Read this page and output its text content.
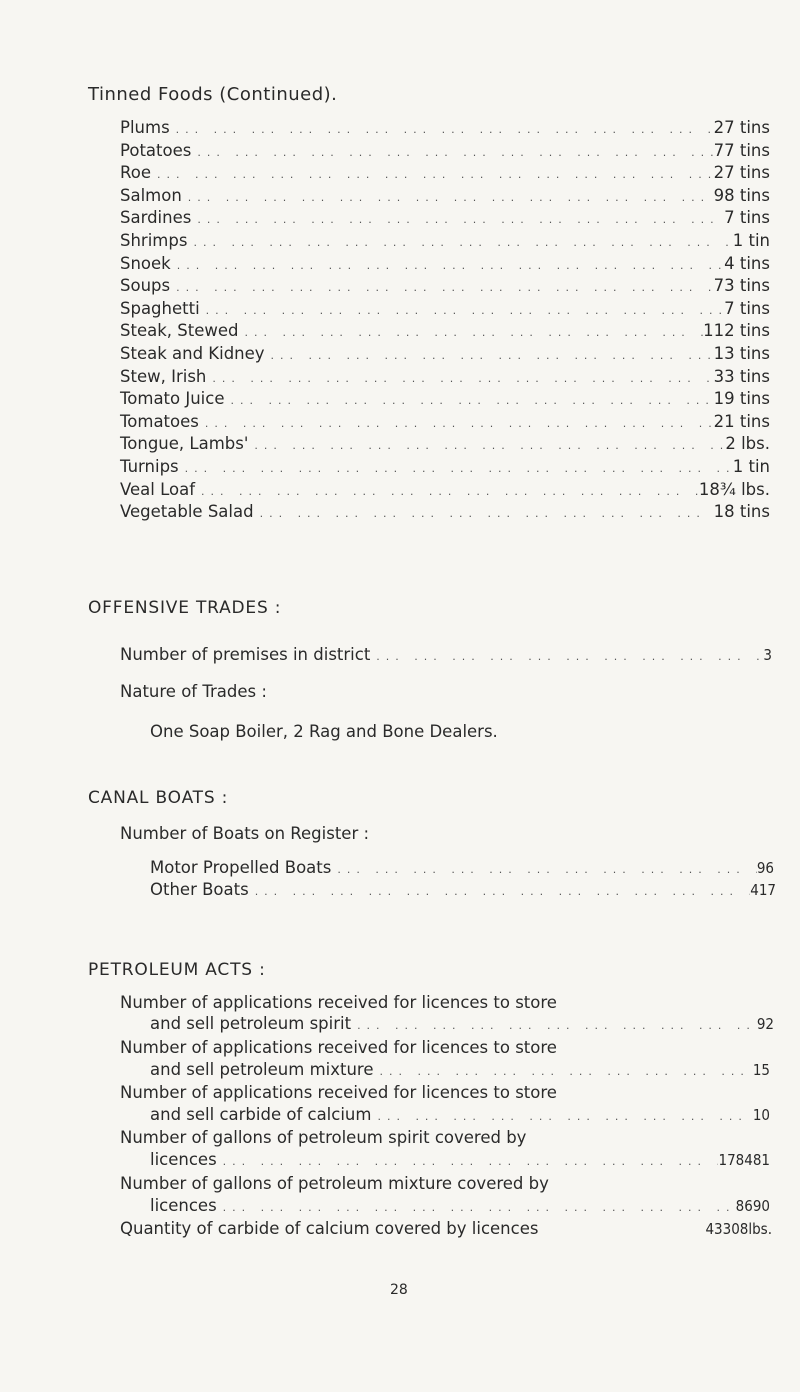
Tinned Foods (Continued).
Plums ... .	27 tins
Potatoes ... .	77 tins
Roe ... .	27 tins
Salmon ... .	98 tins
Sardines ... .	7 tins
Shrimps ... .	1 tin
Snoek ... .	4 tins
Soups ... .	73 tins
Spaghetti ... .	7 tins
Steak, Stewed ... .	112 tins
Steak and Kidney ... .	13 tins
Stew, Irish ... .	33 tins
Tomato Juice ... .	19 tins
Tomatoes ... .	21 tins
Tongue, Lambs' ... .	2 lbs.
Turnips ... .	1 tin
Veal Loaf ... .	18¾ lbs.
Vegetable Salad ... .	18 tins
OFFENSIVE TRADES :
Number of premises in district ... .	3
Nature of Trades :
One Soap Boiler, 2 Rag and Bone Dealers.
CANAL BOATS :
Number of Boats on Register :
Motor Propelled Boats ... .	96
Other Boats ... .	417
PETROLEUM ACTS :
Number of applications received for licences to store
and sell petroleum spirit ... .	92
Number of applications received for licences to store
and sell petroleum mixture ... .	15
Number of applications received for licences to store
and sell carbide of calcium ... .	10
Number of gallons of petroleum spirit covered by
licences ... .	178481
Number of gallons of petroleum mixture covered by
licences ... .	8690
Quantity of carbide of calcium covered by licences	43308lbs.
28
